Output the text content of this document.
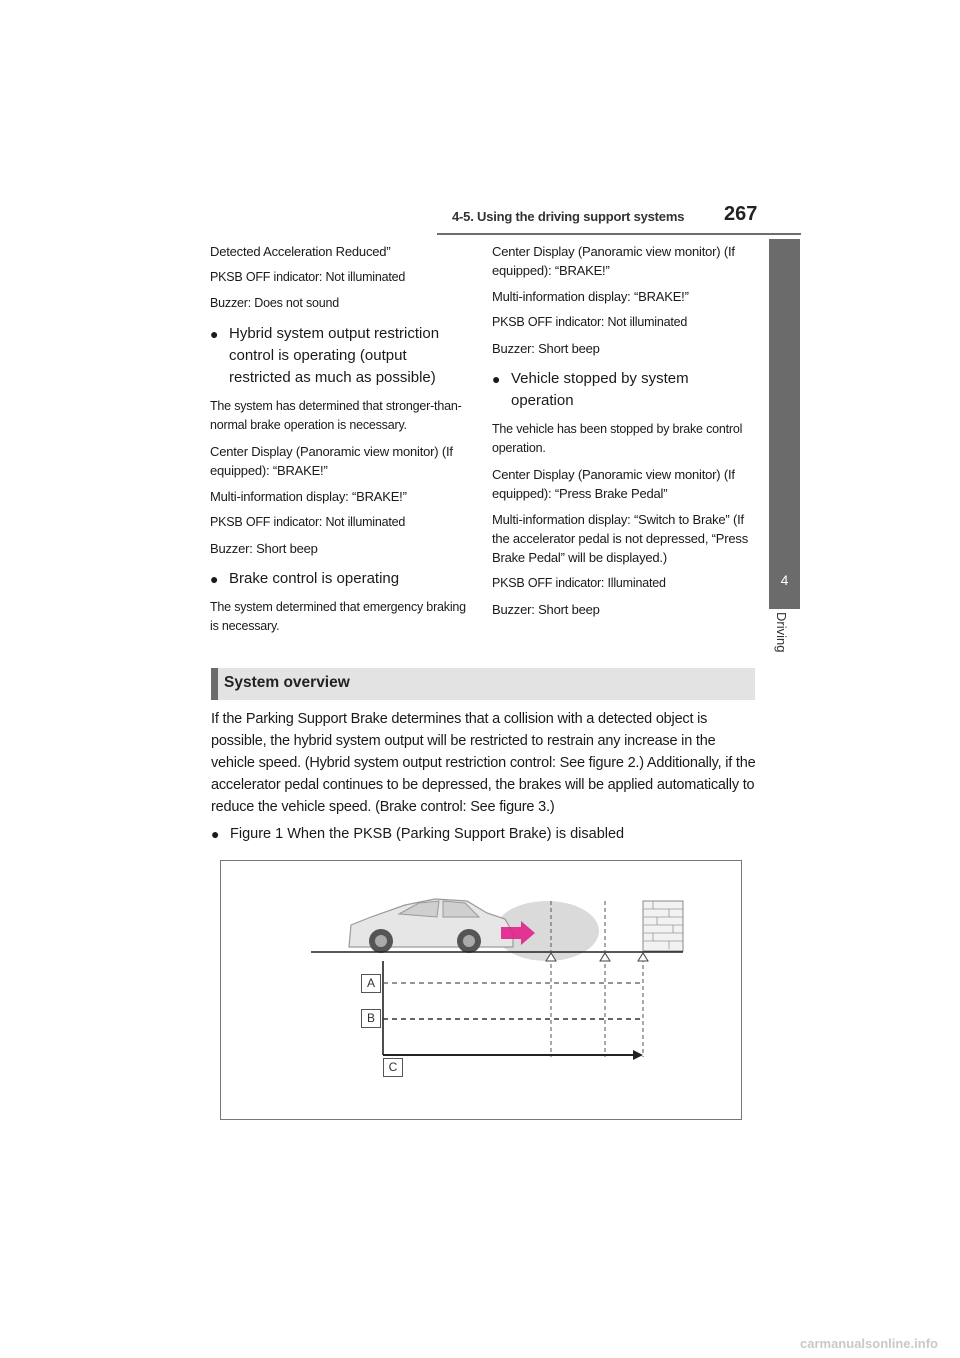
4-5. Using the driving support systems 267
4
Driving

Detected Acceleration Reduced”

PKSB OFF indicator: Not illuminated

Buzzer: Does not sound

● Hybrid system output restriction control is operating (output restricted as much as possible)

The system has determined that stronger-than-normal brake operation is necessary.

Center Display (Panoramic view monitor) (If equipped): “BRAKE!”

Multi-information display: “BRAKE!”

PKSB OFF indicator: Not illuminated

Buzzer: Short beep

● Brake control is operating

The system determined that emergency braking is necessary.

Center Display (Panoramic view monitor) (If equipped): “BRAKE!”

Multi-information display: “BRAKE!”

PKSB OFF indicator: Not illuminated

Buzzer: Short beep

● Vehicle stopped by system operation

The vehicle has been stopped by brake control operation.

Center Display (Panoramic view monitor) (If equipped): “Press Brake Pedal”

Multi-information display: “Switch to Brake” (If the accelerator pedal is not depressed, “Press Brake Pedal” will be displayed.)

PKSB OFF indicator: Illuminated

Buzzer: Short beep

System overview
If the Parking Support Brake determines that a collision with a detected object is possible, the hybrid system output will be restricted to restrain any increase in the vehicle speed. (Hybrid system output restriction control: See figure 2.) Additionally, if the accelerator pedal continues to be depressed, the brakes will be applied automatically to reduce the vehicle speed. (Brake control: See figure 3.)
● Figure 1 When the PKSB (Parking Support Brake) is disabled
A
B
C
carmanualsonline.info
